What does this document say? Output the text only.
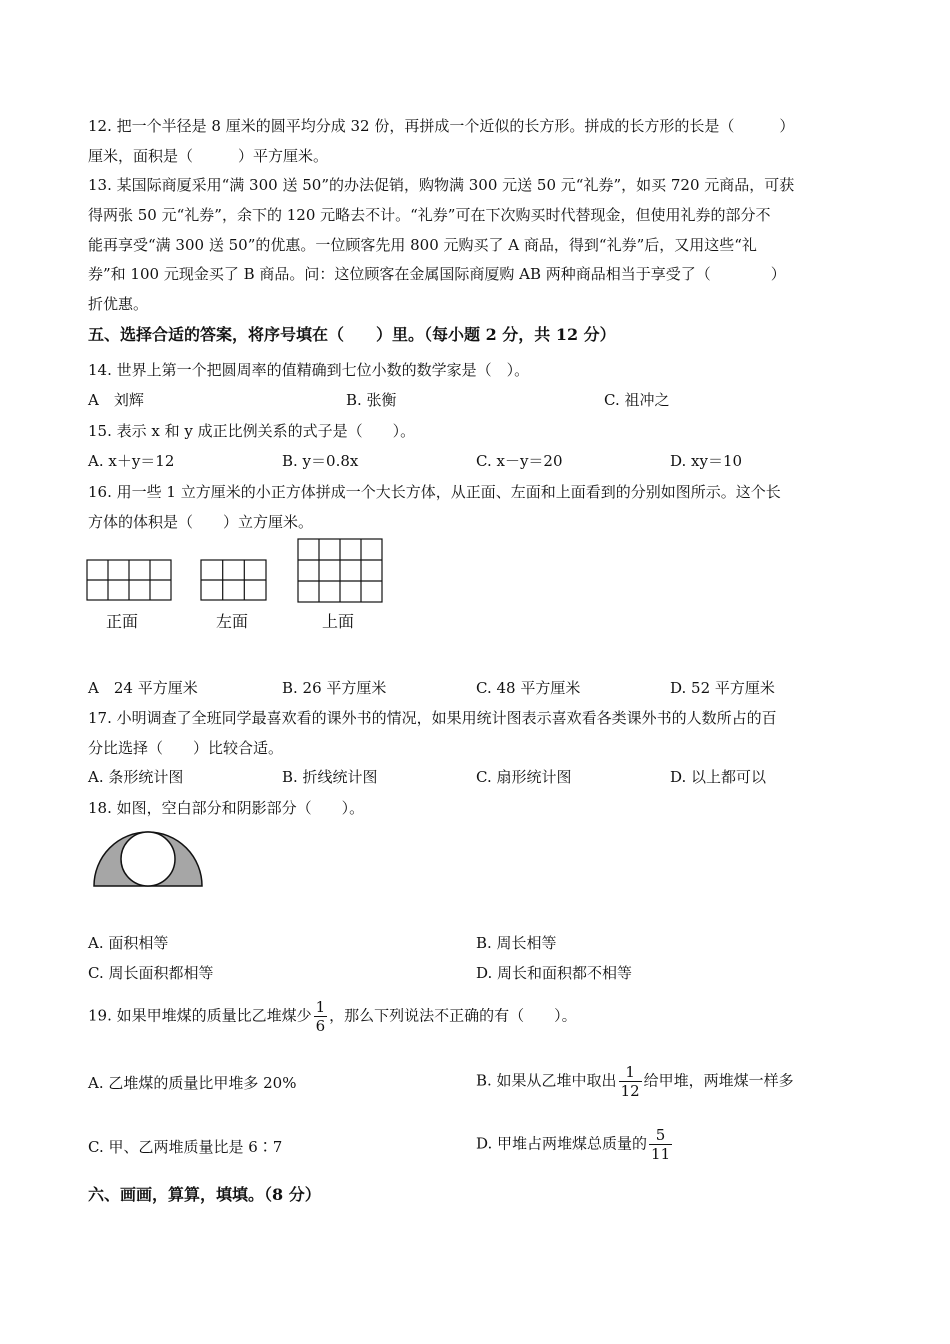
12. 把一个半径是 8 厘米的圆平均分成 32 份，再拼成一个近似的长方形。拼成的长方形的长是（　　　）
厘米，面积是（　　　）平方厘米。
13. 某国际商厦采用“满 300 送 50”的办法促销，购物满 300 元送 50 元“礼券”，如买 720 元商品，可获
得两张 50 元“礼券”，余下的 120 元略去不计。“礼券”可在下次购买时代替现金，但使用礼券的部分不
能再享受“满 300 送 50”的优惠。一位顾客先用 800 元购买了 A 商品，得到“礼券”后，又用这些“礼
券”和 100 元现金买了 B 商品。问：这位顾客在金属国际商厦购 AB 两种商品相当于享受了（　　　　）
折优惠。
五、选择合适的答案，将序号填在（　　）里。（每小题 2 分，共 12 分）
14. 世界上第一个把圆周率的值精确到七位小数的数学家是（　）。
A　刘辉	B. 张衡	C. 祖冲之
15. 表示 x 和 y 成正比例关系的式子是（　　）。
A. x＋y＝12	B. y＝0.8x	C. x－y＝20	D. xy＝10
16. 用一些 1 立方厘米的小正方体拼成一个大长方体，从正面、左面和上面看到的分别如图所示。这个长
方体的体积是（　　）立方厘米。
正面	左面	上面
A　24 平方厘米	B. 26 平方厘米	C. 48 平方厘米	D. 52 平方厘米
17. 小明调查了全班同学最喜欢看的课外书的情况，如果用统计图表示喜欢看各类课外书的人数所占的百
分比选择（　　）比较合适。
A. 条形统计图	B. 折线统计图	C. 扇形统计图	D. 以上都可以
18. 如图，空白部分和阴影部分（　　）。
A. 面积相等	B. 周长相等
C. 周长面积都相等	D. 周长和面积都不相等
19. 如果甲堆煤的质量比乙堆煤少 $\frac{1}{6}$ ，那么下列说法不正确的有（　　）。
A. 乙堆煤的质量比甲堆多 20%	B. 如果从乙堆中取出 $\frac{1}{12}$ 给甲堆，两堆煤一样多
C. 甲、乙两堆质量比是 6∶7	D. 甲堆占两堆煤总质量的 $\frac{5}{11}$
六、画画，算算，填填。（8 分）
